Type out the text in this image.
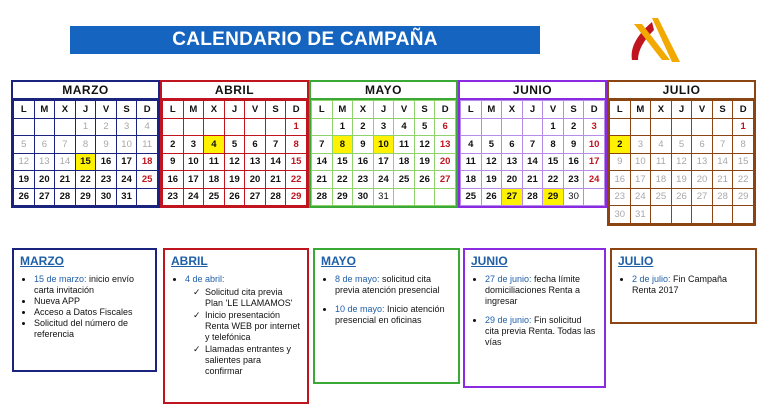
CALENDARIO DE CAMPAÑA
MARZO
L	M	X	J	V	S	D
			1	2	3	4
5	6	7	8	9	10	11
12	13	14	15	16	17	18
19	20	21	22	23	24	25
26	27	28	29	30	31	
ABRIL
L	M	X	J	V	S	D
						1
2	3	4	5	6	7	8
9	10	11	12	13	14	15
16	17	18	19	20	21	22
23	24	25	26	27	28	29
MAYO
L	M	X	J	V	S	D
	1	2	3	4	5	6
7	8	9	10	11	12	13
14	15	16	17	18	19	20
21	22	23	24	25	26	27
28	29	30	31			
JUNIO
L	M	X	J	V	S	D
				1	2	3
4	5	6	7	8	9	10
11	12	13	14	15	16	17
18	19	20	21	22	23	24
25	26	27	28	29	30	
JULIO
L	M	X	J	V	S	D
						1
2	3	4	5	6	7	8
9	10	11	12	13	14	15
16	17	18	19	20	21	22
23	24	25	26	27	28	29
30	31					
MARZO
• 15 de marzo: inicio envío carta invitación
• Nueva APP
• Acceso a Datos Fiscales
• Solicitud del número de referencia
ABRIL
• 4 de abril:
✓ Solicitud cita previa Plan 'LE LLAMAMOS'
✓ Inicio presentación Renta WEB por internet y telefónica
✓ Llamadas entrantes y salientes para confirmar
MAYO
• 8 de mayo: solicitud cita previa atención presencial
• 10 de mayo: Inicio atención presencial en oficinas
JUNIO
• 27 de junio: fecha límite domiciliaciones Renta a ingresar
• 29 de junio: Fin solicitud cita previa Renta. Todas las vías
JULIO
• 2 de julio: Fin Campaña Renta 2017
